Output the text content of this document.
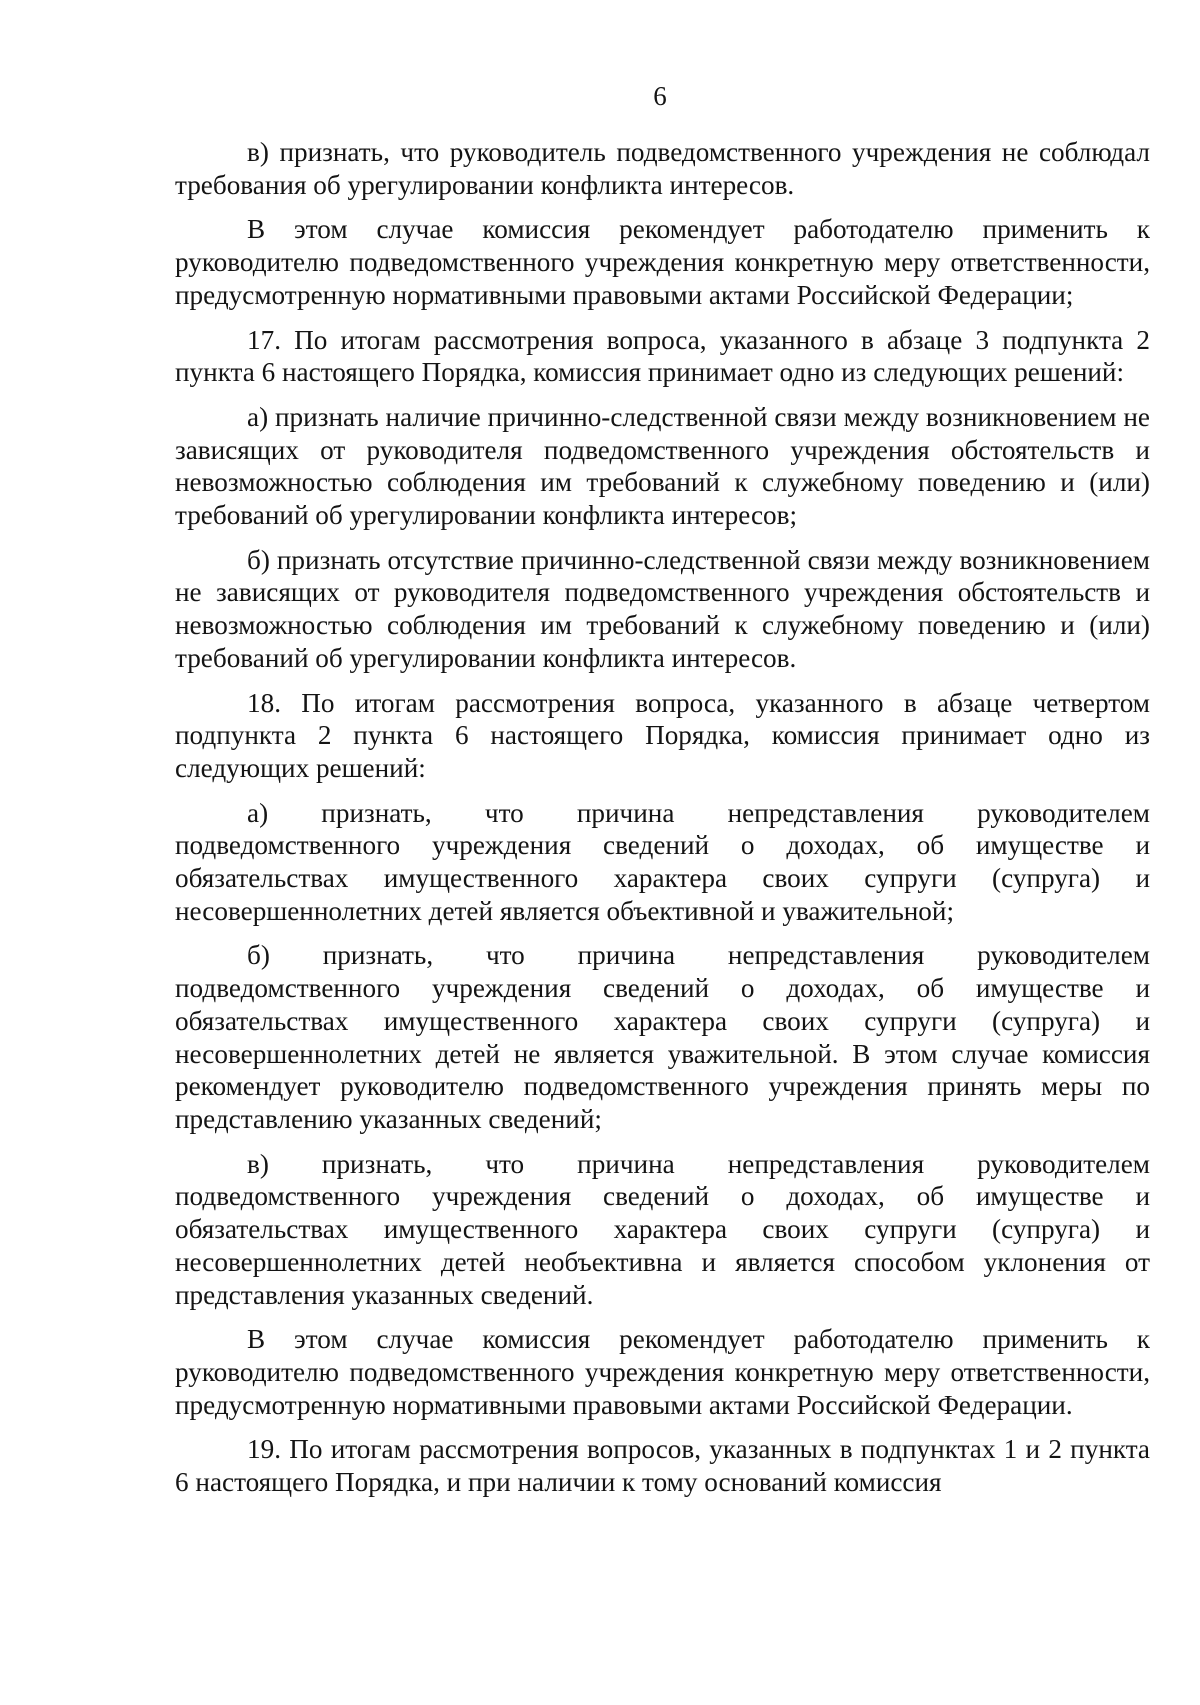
6

в) признать, что руководитель подведомственного учреждения не соблюдал требования об урегулировании конфликта интересов.

В этом случае комиссия рекомендует работодателю применить к руководителю подведомственного учреждения конкретную меру ответственности, предусмотренную нормативными правовыми актами Российской Федерации;

17. По итогам рассмотрения вопроса, указанного в абзаце 3 подпункта 2 пункта 6 настоящего Порядка, комиссия принимает одно из следующих решений:

а) признать наличие причинно-следственной связи между возникновением не зависящих от руководителя подведомственного учреждения обстоятельств и невозможностью соблюдения им требований к служебному поведению и (или) требований об урегулировании конфликта интересов;

б) признать отсутствие причинно-следственной связи между возникновением не зависящих от руководителя подведомственного учреждения обстоятельств и невозможностью соблюдения им требований к служебному поведению и (или) требований об урегулировании конфликта интересов.

18. По итогам рассмотрения вопроса, указанного в абзаце четвертом подпункта 2 пункта 6 настоящего Порядка, комиссия принимает одно из следующих решений:

а) признать, что причина непредставления руководителем подведомственного учреждения сведений о доходах, об имуществе и обязательствах имущественного характера своих супруги (супруга) и несовершеннолетних детей является объективной и уважительной;

б) признать, что причина непредставления руководителем подведомственного учреждения сведений о доходах, об имуществе и обязательствах имущественного характера своих супруги (супруга) и несовершеннолетних детей не является уважительной. В этом случае комиссия рекомендует руководителю подведомственного учреждения принять меры по представлению указанных сведений;

в) признать, что причина непредставления руководителем подведомственного учреждения сведений о доходах, об имуществе и обязательствах имущественного характера своих супруги (супруга) и несовершеннолетних детей необъективна и является способом уклонения от представления указанных сведений.

В этом случае комиссия рекомендует работодателю применить к руководителю подведомственного учреждения конкретную меру ответственности, предусмотренную нормативными правовыми актами Российской Федерации.

19. По итогам рассмотрения вопросов, указанных в подпунктах 1 и 2 пункта 6 настоящего Порядка, и при наличии к тому оснований комиссия
